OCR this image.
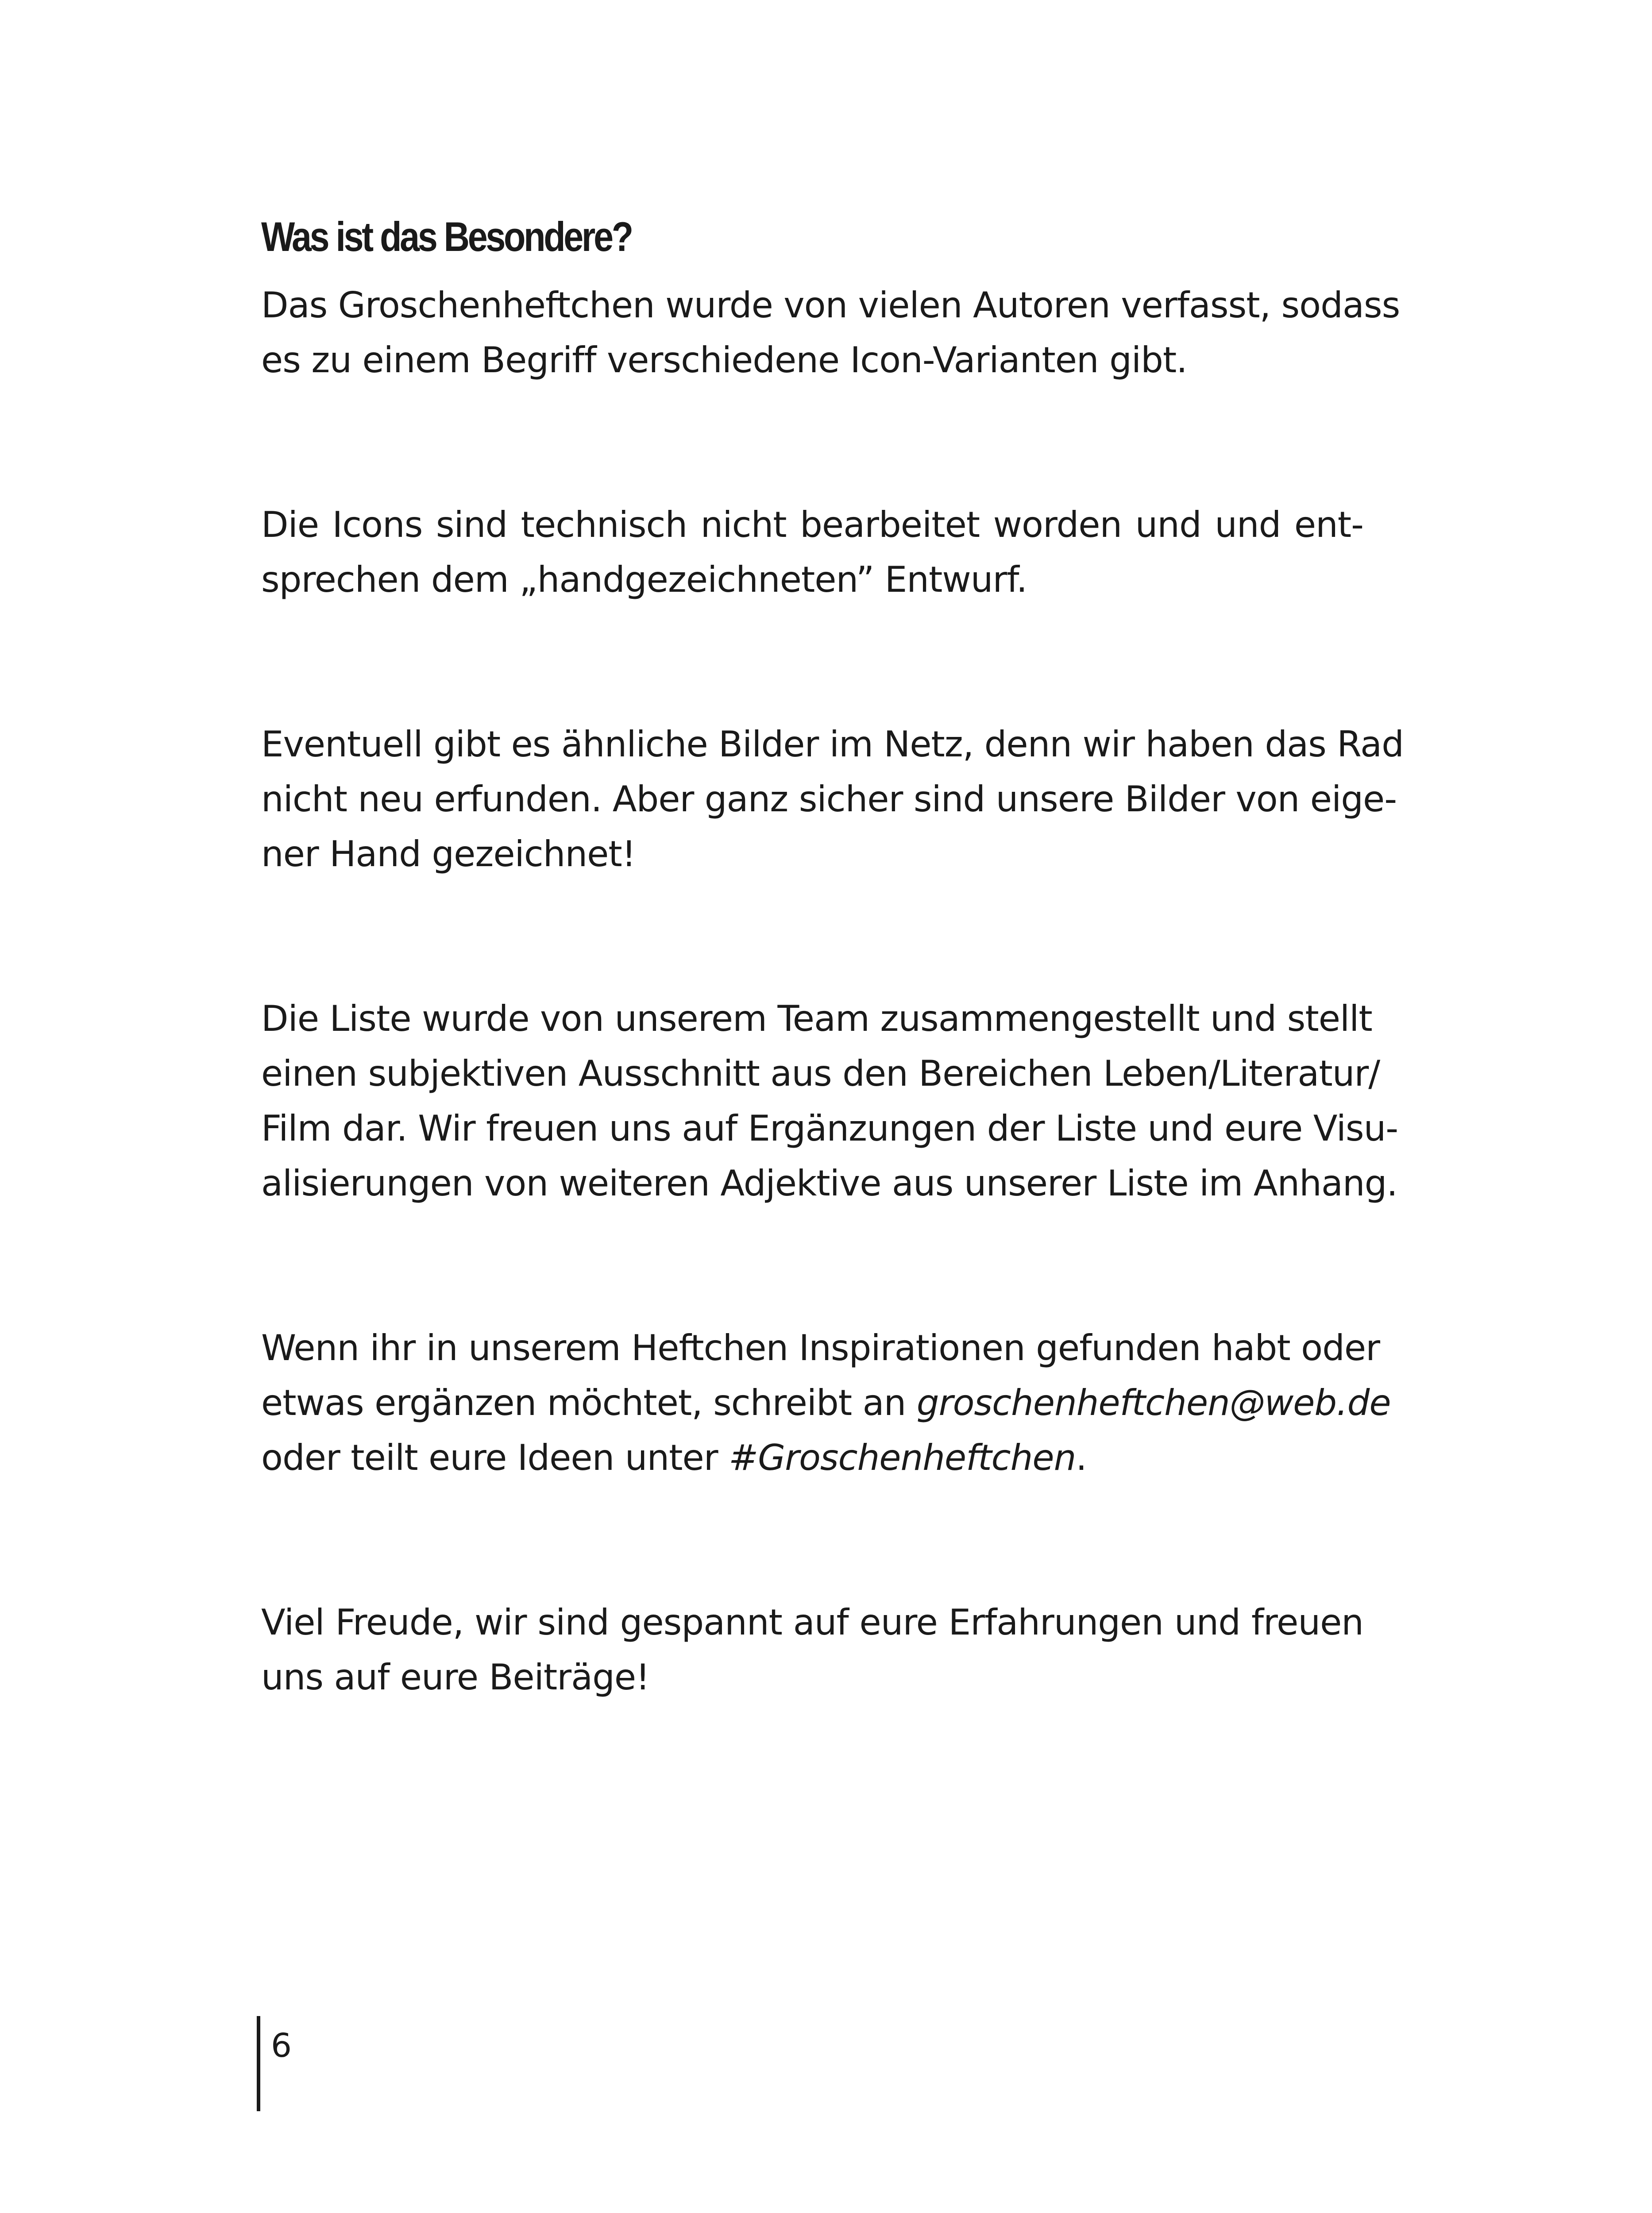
Was ist das Besondere?

Das Groschenheftchen wurde von vielen Autoren verfasst, sodass
es zu einem Begriff verschiedene Icon-Varianten gibt.

Die Icons sind technisch nicht bearbeitet worden und und ent-
sprechen dem „handgezeichneten” Entwurf.

Eventuell gibt es ähnliche Bilder im Netz, denn wir haben das Rad
nicht neu erfunden. Aber ganz sicher sind unsere Bilder von eige-
ner Hand gezeichnet!

Die Liste wurde von unserem Team zusammengestellt und stellt
einen subjektiven Ausschnitt aus den Bereichen Leben/Literatur/
Film dar. Wir freuen uns auf Ergänzungen der Liste und eure Visu-
alisierungen von weiteren Adjektive aus unserer Liste im Anhang.

Wenn ihr in unserem Heftchen Inspirationen gefunden habt oder
etwas ergänzen möchtet, schreibt an groschenheftchen@web.de
oder teilt eure Ideen unter #Groschenheftchen.

Viel Freude, wir sind gespannt auf eure Erfahrungen und freuen
uns auf eure Beiträge!

6
